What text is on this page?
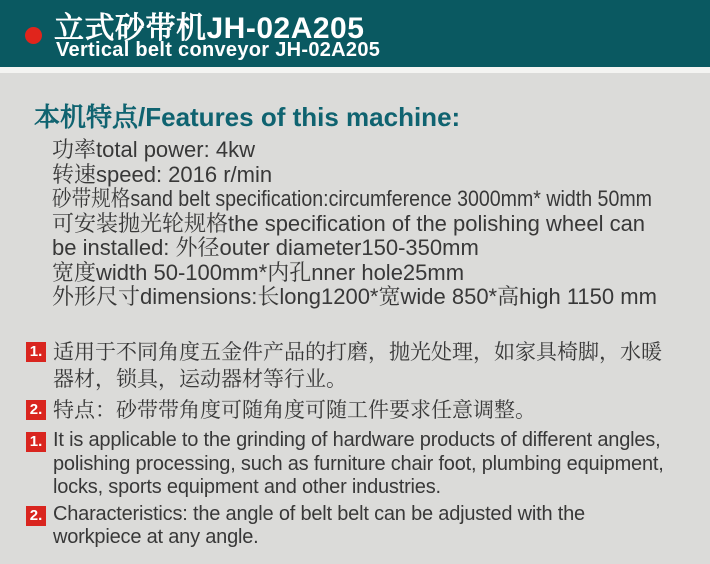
立式砂带机JH-02A205
Vertical belt conveyor JH-02A205
本机特点/Features of this machine:
功率total power: 4kw
转速speed: 2016 r/min
砂带规格sand belt specification:circumference 3000mm* width 50mm
可安装抛光轮规格the specification of the polishing wheel can
be installed: 外径outer diameter150-350mm
宽度width 50-100mm*内孔nner hole25mm
外形尺寸dimensions:长long1200*宽wide 850*高high 1150 mm
1. 适用于不同角度五金件产品的打磨，抛光处理，如家具椅脚，水暖
器材，锁具，运动器材等行业。
2. 特点：砂带带角度可随角度可随工件要求任意调整。
1. It is applicable to the grinding of hardware products of different angles,
polishing processing, such as furniture chair foot, plumbing equipment,
locks, sports equipment and other industries.
2. Characteristics: the angle of belt belt can be adjusted with the
workpiece at any angle.
